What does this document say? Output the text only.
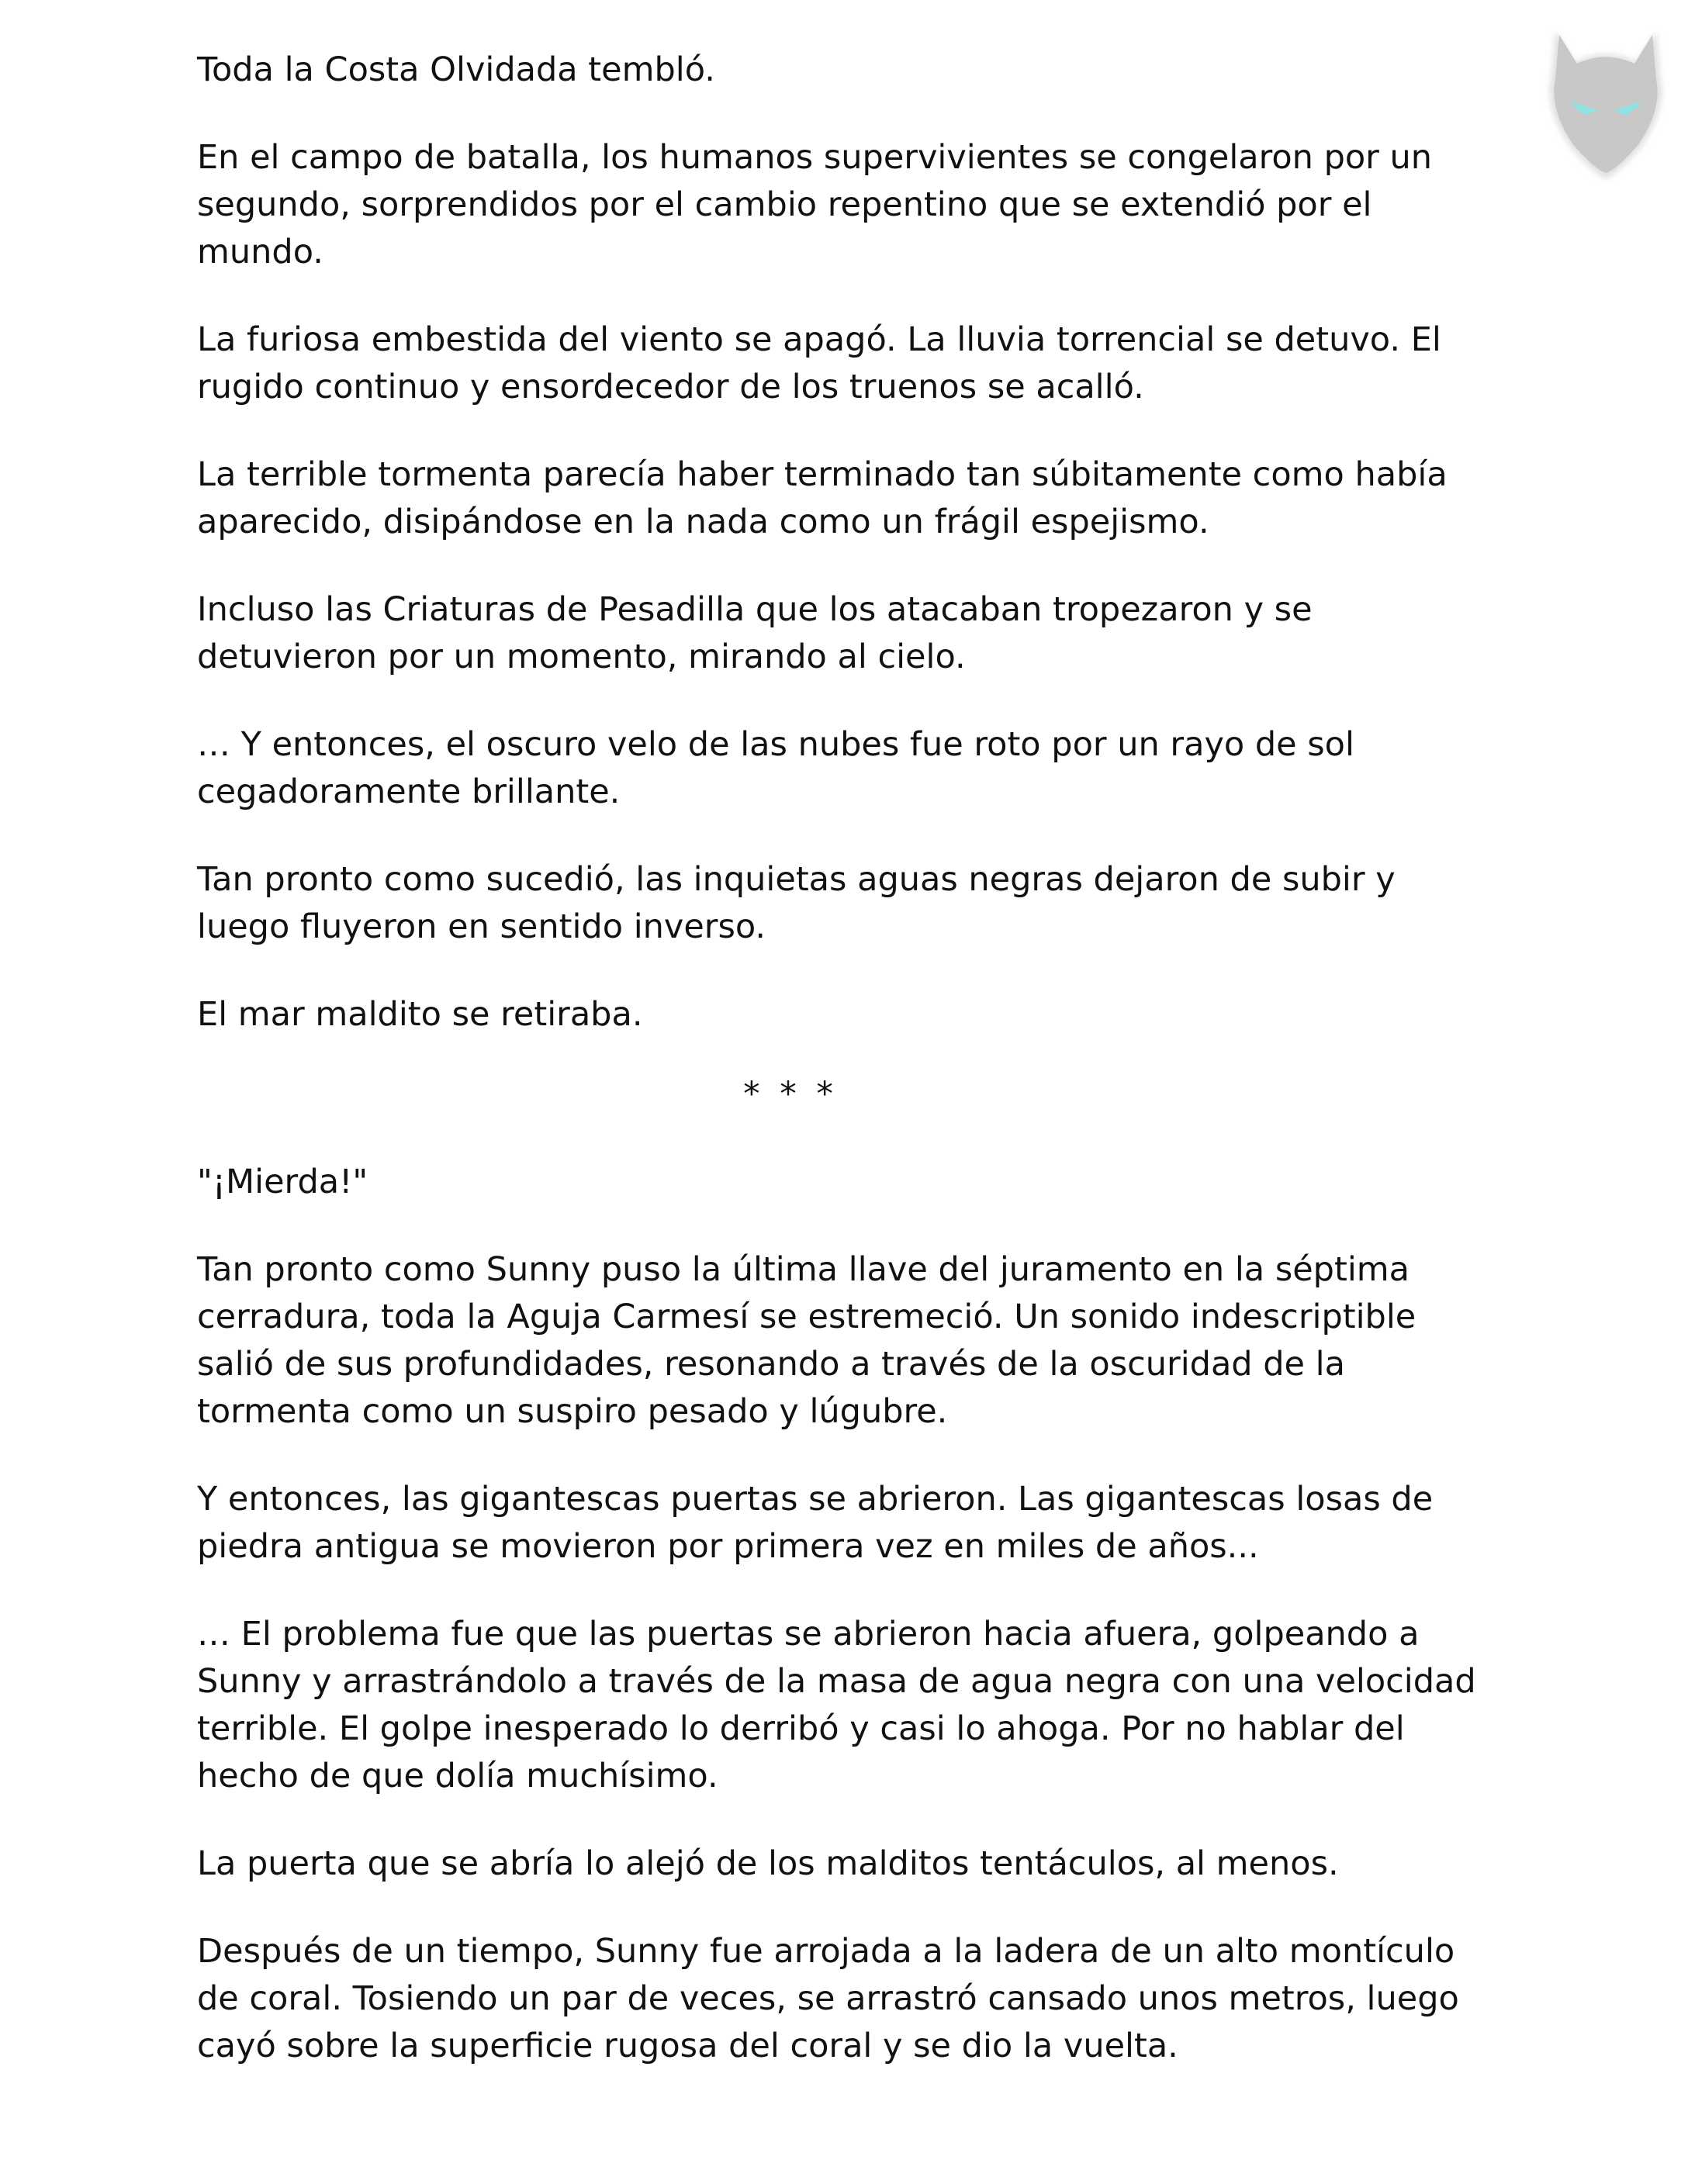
Toda la Costa Olvidada tembló.

En el campo de batalla, los humanos supervivientes se congelaron por un segundo, sorprendidos por el cambio repentino que se extendió por el mundo.

La furiosa embestida del viento se apagó. La lluvia torrencial se detuvo. El rugido continuo y ensordecedor de los truenos se acalló.

La terrible tormenta parecía haber terminado tan súbitamente como había aparecido, disipándose en la nada como un frágil espejismo.

Incluso las Criaturas de Pesadilla que los atacaban tropezaron y se detuvieron por un momento, mirando al cielo.

… Y entonces, el oscuro velo de las nubes fue roto por un rayo de sol cegadoramente brillante.

Tan pronto como sucedió, las inquietas aguas negras dejaron de subir y luego fluyeron en sentido inverso.

El mar maldito se retiraba.

* * *

"¡Mierda!"

Tan pronto como Sunny puso la última llave del juramento en la séptima cerradura, toda la Aguja Carmesí se estremeció. Un sonido indescriptible salió de sus profundidades, resonando a través de la oscuridad de la tormenta como un suspiro pesado y lúgubre.

Y entonces, las gigantescas puertas se abrieron. Las gigantescas losas de piedra antigua se movieron por primera vez en miles de años...

… El problema fue que las puertas se abrieron hacia afuera, golpeando a Sunny y arrastrándolo a través de la masa de agua negra con una velocidad terrible. El golpe inesperado lo derribó y casi lo ahoga. Por no hablar del hecho de que dolía muchísimo.

La puerta que se abría lo alejó de los malditos tentáculos, al menos.

Después de un tiempo, Sunny fue arrojada a la ladera de un alto montículo de coral. Tosiendo un par de veces, se arrastró cansado unos metros, luego cayó sobre la superficie rugosa del coral y se dio la vuelta.
